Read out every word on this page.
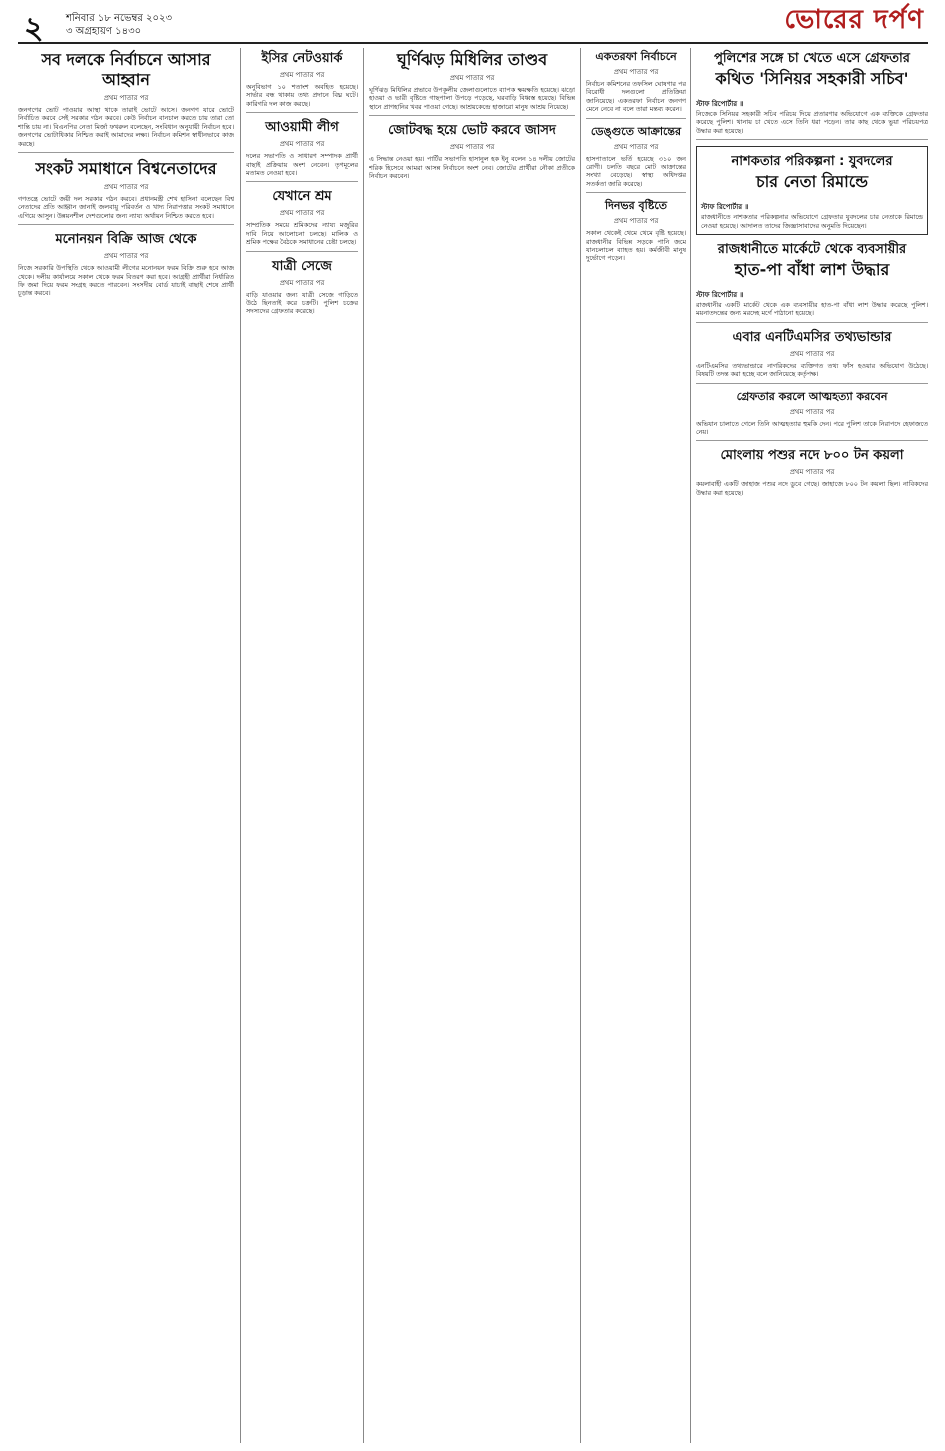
২ শনিবার ১৮ নভেম্বর ২০২৩
৩ অগ্রহায়ণ ১৪৩০	ভোরের দর্পণ
সব দলকে নির্বাচনে আসার আহ্বান
প্রথম পাতার পর
জনগণের ভোট পাওয়ার আস্থা থাকে তারাই ভোটে আসে। জনগণ যারে ভোটে নির্বাচিত করবে সেই সরকার গঠন করবে। কেউ নির্বাচন বানচাল করতে চায় তারা তো শান্তি চায় না। বিএনপির নেতা মির্জা ফখরুল বলেছেন, সংবিধান অনুযায়ী নির্বাচন হবে। জনগণের ভোটাধিকার নিশ্চিত করাই আমাদের লক্ষ্য। নির্বাচন কমিশন স্বাধীনভাবে কাজ করছে।
সংকট সমাধানে বিশ্বনেতাদের
প্রথম পাতার পর
গণতন্ত্রে ভোটে জয়ী দল সরকার গঠন করবে। প্রধানমন্ত্রী শেখ হাসিনা বলেছেন বিশ্ব নেতাদের প্রতি আহ্বান জানাই জলবায়ু পরিবর্তন ও খাদ্য নিরাপত্তার সংকট সমাধানে এগিয়ে আসুন। উন্নয়নশীল দেশগুলোর জন্য ন্যায্য অর্থায়ন নিশ্চিত করতে হবে।
মনোনয়ন বিক্রি আজ থেকে
প্রথম পাতার পর
নিজে সরকারি উপস্থিতি থেকে আওয়ামী লীগের মনোনয়ন ফরম বিক্রি শুরু হবে আজ থেকে। দলীয় কার্যালয়ে সকাল থেকে ফরম বিতরণ করা হবে। আগ্রহী প্রার্থীরা নির্ধারিত ফি জমা দিয়ে ফরম সংগ্রহ করতে পারবেন। সংসদীয় বোর্ড যাচাই বাছাই শেষে প্রার্থী চূড়ান্ত করবে।
ইসির নেটওয়ার্ক
প্রথম পাতার পর
অনুবিভাগ ১০ শতাংশ অবহিত হয়েছে। সার্ভার বন্ধ থাকায় তথ্য প্রদানে বিঘ্ন ঘটে। কারিগরি দল কাজ করছে।
আওয়ামী লীগ
প্রথম পাতার পর
দলের সভাপতি ও সাধারণ সম্পাদক প্রার্থী বাছাই প্রক্রিয়ায় অংশ নেবেন। তৃণমূলের মতামত নেওয়া হবে।
যেখানে শ্রম
প্রথম পাতার পর
সাম্প্রতিক সময়ে শ্রমিকদের ন্যায্য মজুরির দাবি নিয়ে আলোচনা চলছে। মালিক ও শ্রমিক পক্ষের বৈঠকে সমাধানের চেষ্টা চলছে।
যাত্রী সেজে
প্রথম পাতার পর
বাড়ি যাওয়ার জন্য যাত্রী সেজে গাড়িতে উঠে ছিনতাই করে চক্রটি। পুলিশ চক্রের সদস্যদের গ্রেফতার করেছে।
ঘূর্ণিঝড় মিধিলির তাণ্ডব
প্রথম পাতার পর
ঘূর্ণিঝড় মিধিলির প্রভাবে উপকূলীয় জেলাগুলোতে ব্যাপক ক্ষয়ক্ষতি হয়েছে। ঝড়ো হাওয়া ও ভারী বৃষ্টিতে গাছপালা উপড়ে পড়েছে, ঘরবাড়ি বিধ্বস্ত হয়েছে। বিভিন্ন স্থানে প্রাণহানির খবর পাওয়া গেছে। আশ্রয়কেন্দ্রে হাজারো মানুষ আশ্রয় নিয়েছে।
জোটবদ্ধ হয়ে ভোট করবে জাসদ
প্রথম পাতার পর
এ সিদ্ধান্ত নেওয়া হয়। পার্টির সভাপতি হাসানুল হক ইনু বলেন ১৪ দলীয় জোটের শরিক হিসেবে আমরা আসন্ন নির্বাচনে অংশ নেব। জোটের প্রার্থীরা নৌকা প্রতীকে নির্বাচন করবেন।
একতরফা নির্বাচনে
প্রথম পাতার পর
নির্বাচন কমিশনের তফসিল ঘোষণার পর বিরোধী দলগুলো প্রতিক্রিয়া জানিয়েছে। একতরফা নির্বাচন জনগণ মেনে নেবে না বলে তারা মন্তব্য করেন।
ডেঙ্গুতে আক্রান্তের
প্রথম পাতার পর
হাসপাতালে ভর্তি হয়েছে ৩১০ জন রোগী। চলতি বছরে মোট আক্রান্তের সংখ্যা বেড়েছে। স্বাস্থ্য অধিদপ্তর সতর্কতা জারি করেছে।
দিনভর বৃষ্টিতে
প্রথম পাতার পর
সকাল থেকেই থেমে থেমে বৃষ্টি হয়েছে। রাজধানীর বিভিন্ন সড়কে পানি জমে যানচলাচল ব্যাহত হয়। কর্মজীবী মানুষ দুর্ভোগে পড়েন।
পুলিশের সঙ্গে চা খেতে এসে গ্রেফতার
কথিত 'সিনিয়র সহকারী সচিব'
স্টাফ রিপোর্টার ॥
নিজেকে সিনিয়র সহকারী সচিব পরিচয় দিয়ে প্রতারণার অভিযোগে এক ব্যক্তিকে গ্রেফতার করেছে পুলিশ। থানায় চা খেতে এসে তিনি ধরা পড়েন। তার কাছ থেকে ভুয়া পরিচয়পত্র উদ্ধার করা হয়েছে।
নাশকতার পরিকল্পনা : যুবদলের
চার নেতা রিমান্ডে
স্টাফ রিপোর্টার ॥
রাজধানীতে নাশকতার পরিকল্পনার অভিযোগে গ্রেফতার যুবদলের চার নেতাকে রিমান্ডে নেওয়া হয়েছে। আদালত তাদের জিজ্ঞাসাবাদের অনুমতি দিয়েছেন।
রাজধানীতে মার্কেটে থেকে ব্যবসায়ীর
হাত-পা বাঁধা লাশ উদ্ধার
স্টাফ রিপোর্টার ॥
রাজধানীর একটি মার্কেট থেকে এক ব্যবসায়ীর হাত-পা বাঁধা লাশ উদ্ধার করেছে পুলিশ। ময়নাতদন্তের জন্য মরদেহ মর্গে পাঠানো হয়েছে।
এবার এনটিএমসির তথ্যভান্ডার
প্রথম পাতার পর
এনটিএমসির তথ্যভান্ডারে নাগরিকদের ব্যক্তিগত তথ্য ফাঁস হওয়ার অভিযোগ উঠেছে। বিষয়টি তদন্ত করা হচ্ছে বলে জানিয়েছে কর্তৃপক্ষ।
গ্রেফতার করলে আত্মহত্যা করবেন
প্রথম পাতার পর
অভিযান চালাতে গেলে তিনি আত্মহত্যার হুমকি দেন। পরে পুলিশ তাকে নিরাপদে হেফাজতে নেয়।
মোংলায় পশুর নদে ৮০০ টন কয়লা
প্রথম পাতার পর
কয়লাবাহী একটি জাহাজ পশুর নদে ডুবে গেছে। জাহাজে ৮০০ টন কয়লা ছিল। নাবিকদের উদ্ধার করা হয়েছে।
